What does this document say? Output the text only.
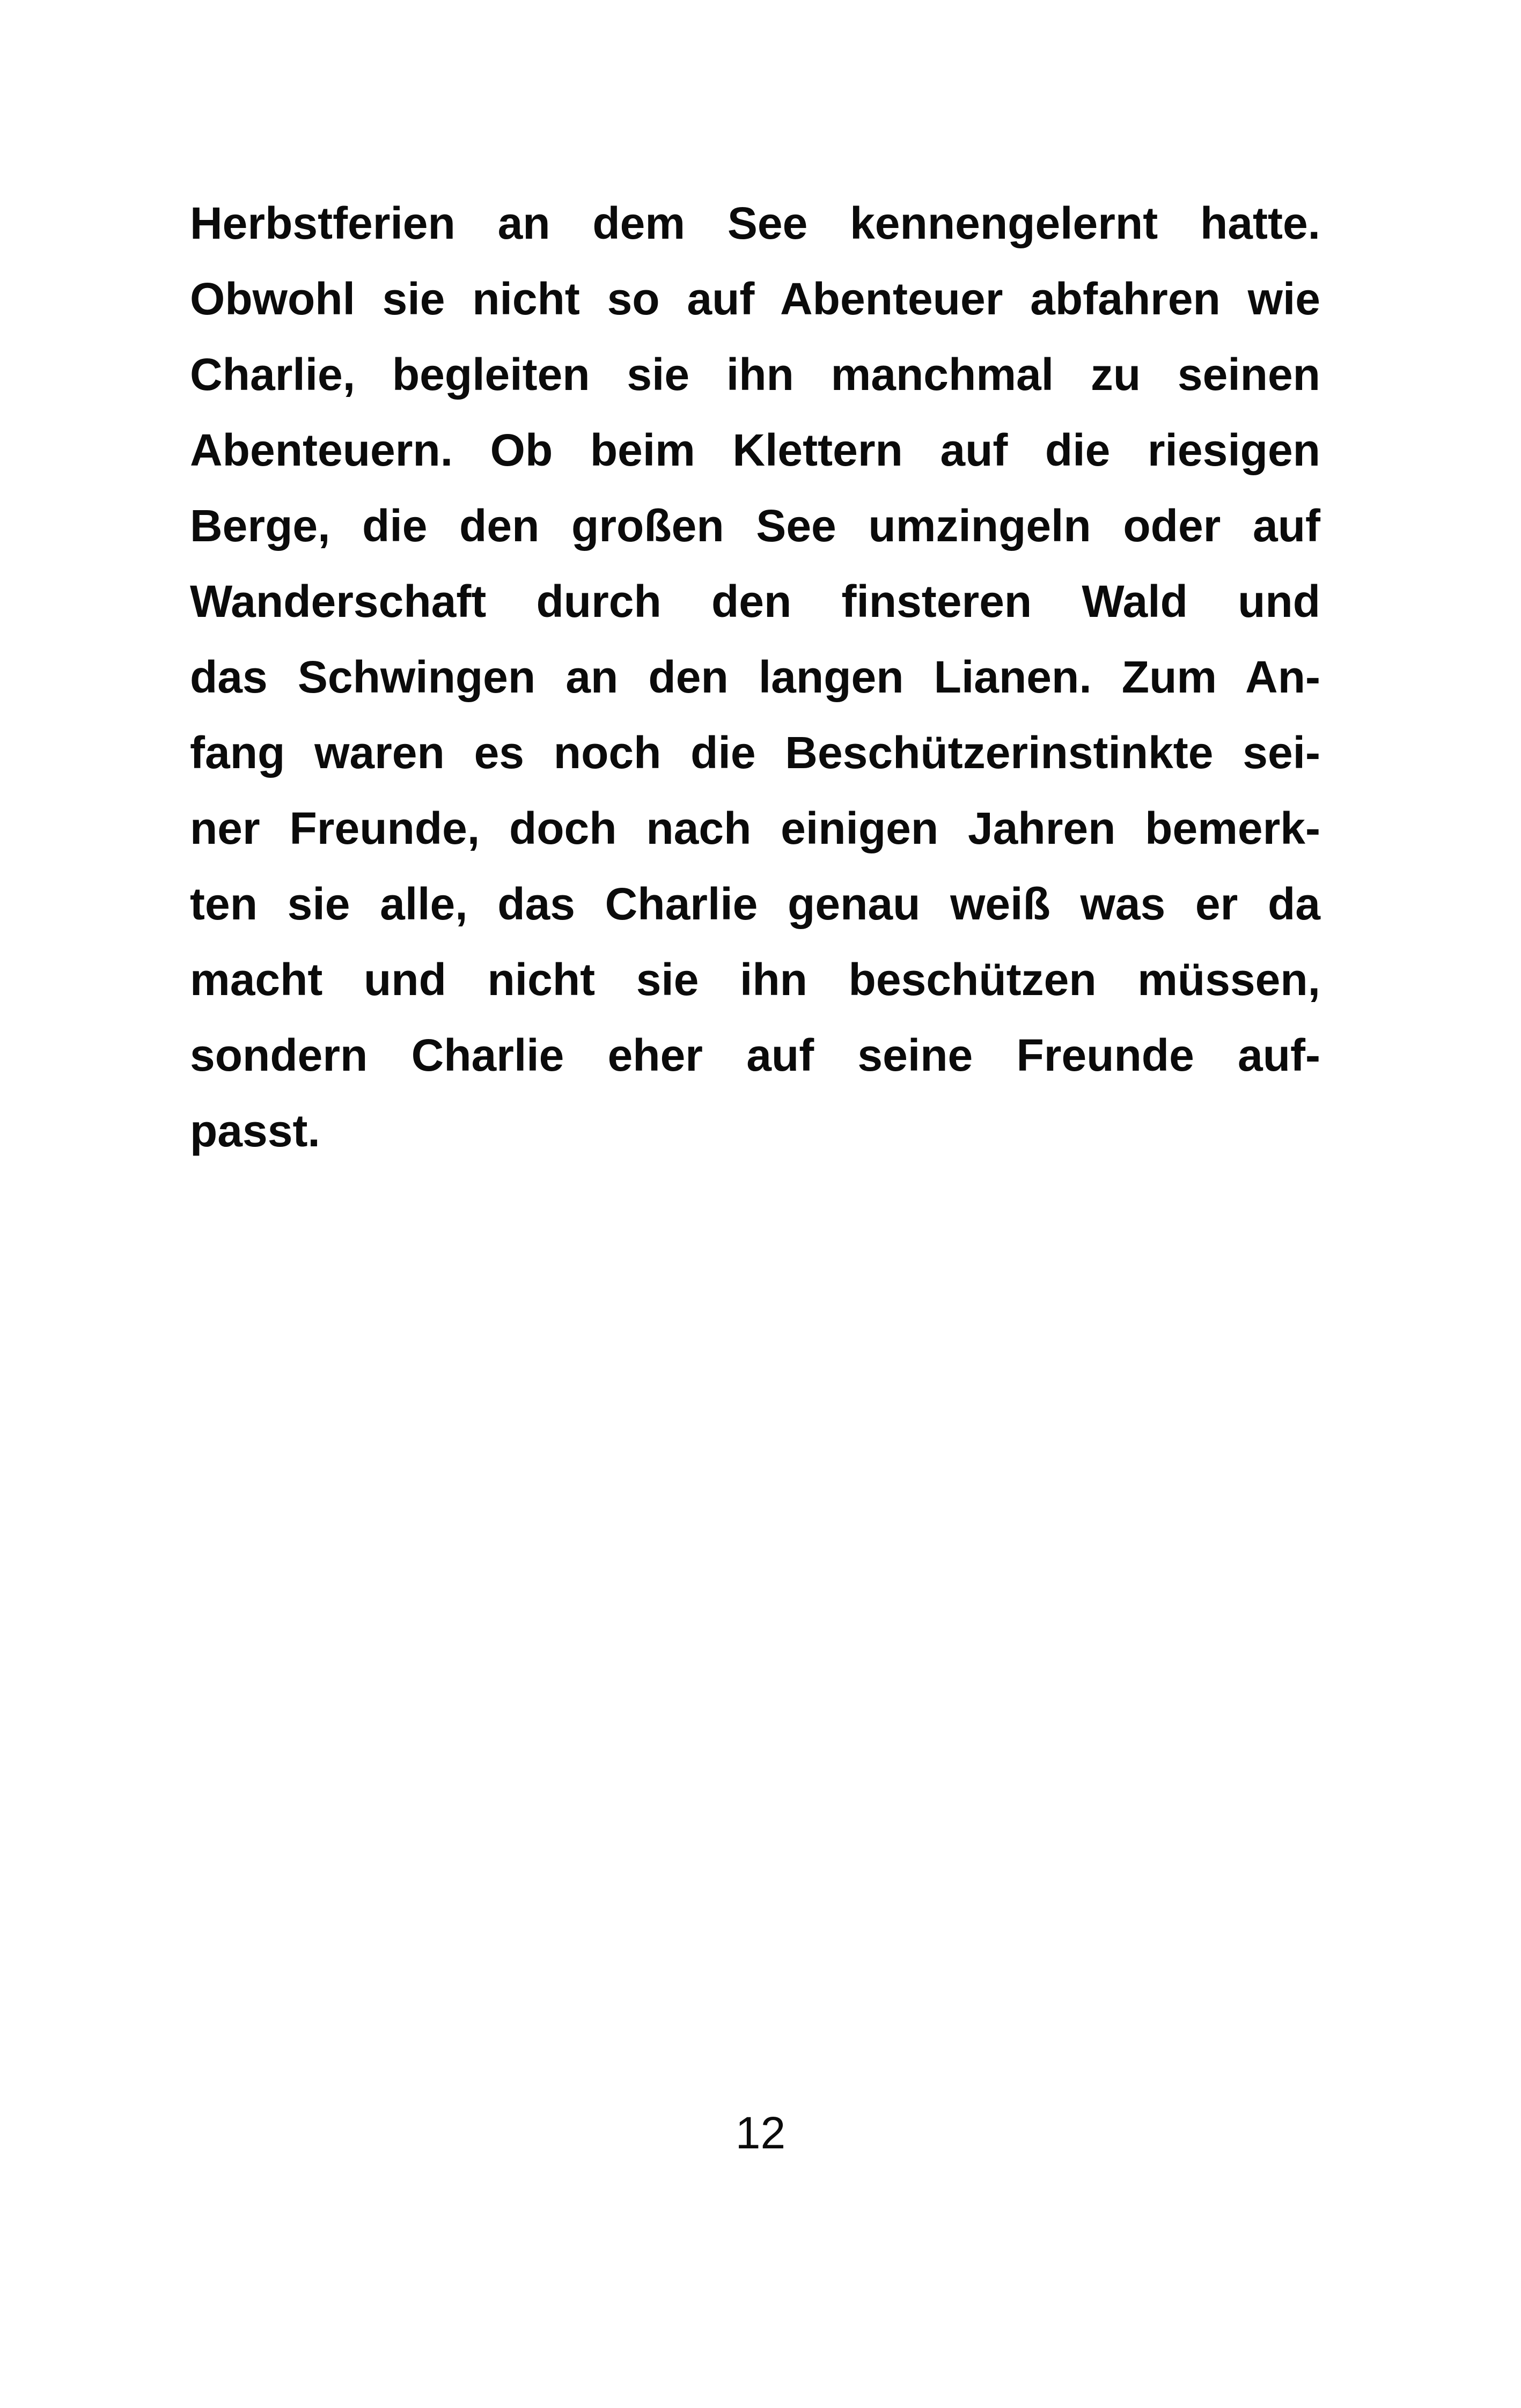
Herbstferien an dem See kennengelernt hatte.
Obwohl sie nicht so auf Abenteuer abfahren wie
Charlie, begleiten sie ihn manchmal zu seinen
Abenteuern. Ob beim Klettern auf die riesigen
Berge, die den großen See umzingeln oder auf
Wanderschaft durch den finsteren Wald und
das Schwingen an den langen Lianen. Zum An-
fang waren es noch die Beschützerinstinkte sei-
ner Freunde, doch nach einigen Jahren bemerk-
ten sie alle, das Charlie genau weiß was er da
macht und nicht sie ihn beschützen müssen,
sondern Charlie eher auf seine Freunde auf-
passt.
12
